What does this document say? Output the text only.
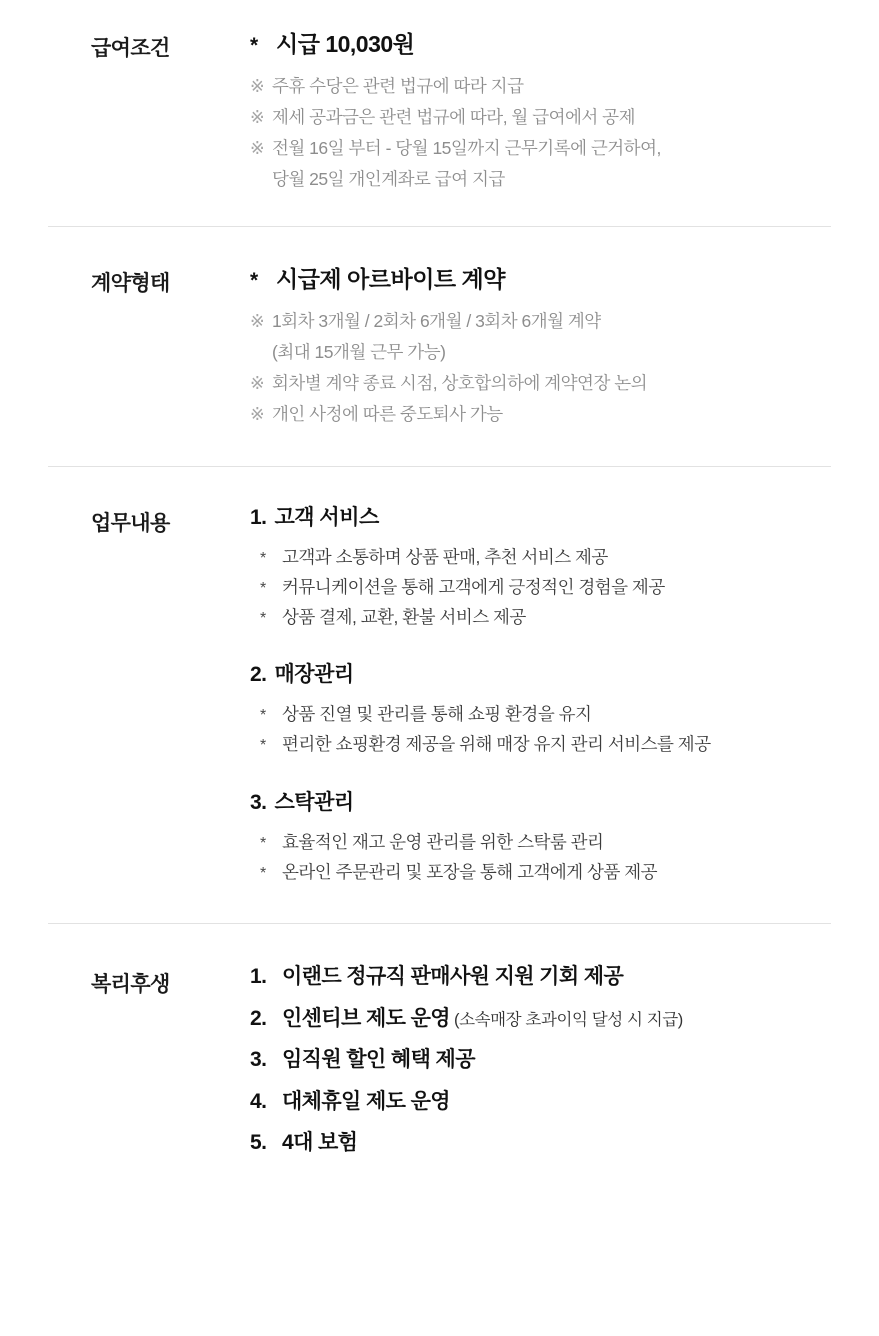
급여조건	* 시급 10,030원
※ 주휴 수당은 관련 법규에 따라 지급
※ 제세 공과금은 관련 법규에 따라, 월 급여에서 공제
※ 전월 16일 부터 - 당월 15일까지 근무기록에 근거하여,
당월 25일 개인계좌로 급여 지급
계약형태	* 시급제 아르바이트 계약
※ 1회차 3개월 / 2회차 6개월 / 3회차 6개월 계약
(최대 15개월 근무 가능)
※ 회차별 계약 종료 시점, 상호합의하에 계약연장 논의
※ 개인 사정에 따른 중도퇴사 가능
업무내용	1. 고객 서비스
* 고객과 소통하며 상품 판매, 추천 서비스 제공
* 커뮤니케이션을 통해 고객에게 긍정적인 경험을 제공
* 상품 결제, 교환, 환불 서비스 제공
2. 매장관리
* 상품 진열 및 관리를 통해 쇼핑 환경을 유지
* 편리한 쇼핑환경 제공을 위해 매장 유지 관리 서비스를 제공
3. 스탁관리
* 효율적인 재고 운영 관리를 위한 스탁룸 관리
* 온라인 주문관리 및 포장을 통해 고객에게 상품 제공
복리후생	1. 이랜드 정규직 판매사원 지원 기회 제공
2. 인센티브 제도 운영 (소속매장 초과이익 달성 시 지급)
3. 임직원 할인 혜택 제공
4. 대체휴일 제도 운영
5. 4대 보험
